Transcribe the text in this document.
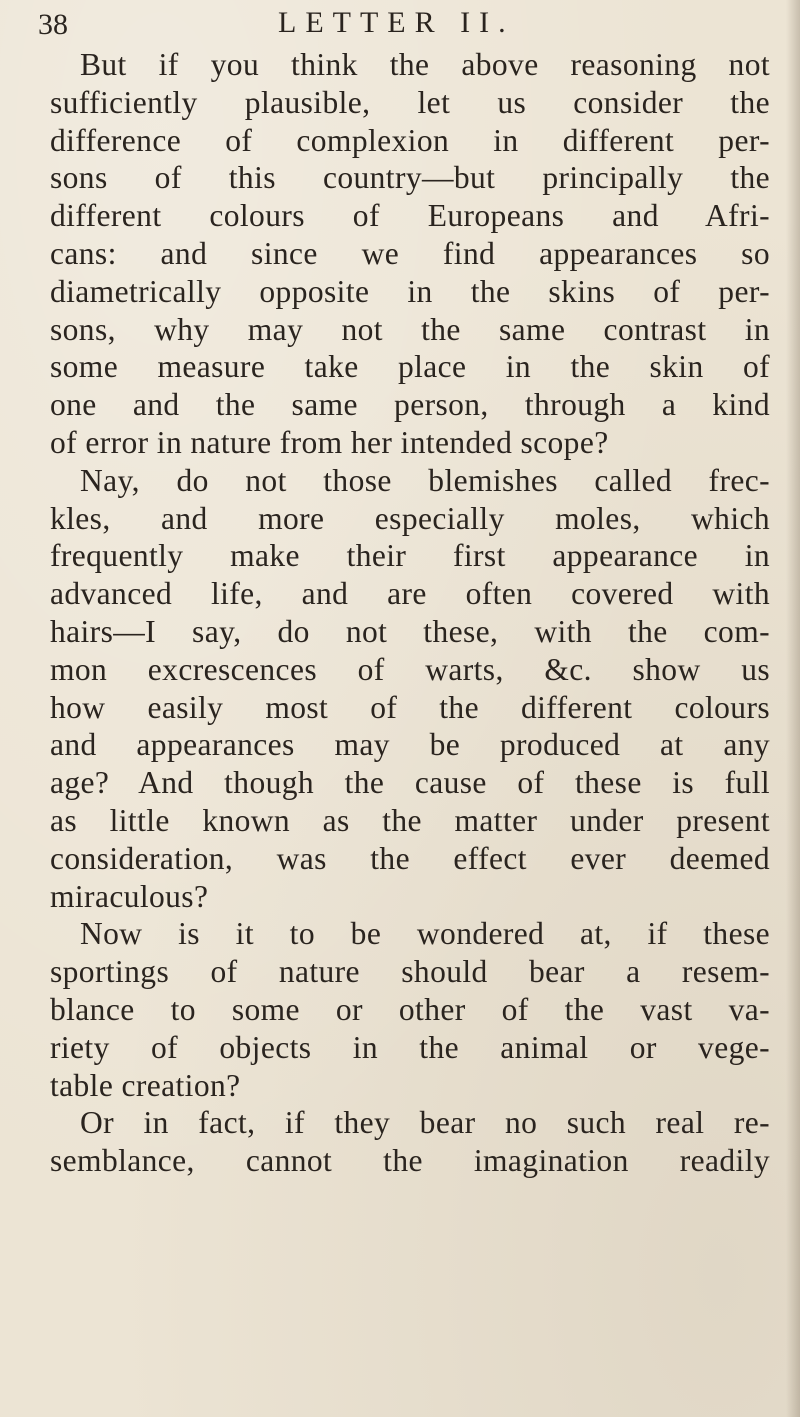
38	LETTER II.
But if you think the above reasoning not
sufficiently plausible, let us consider the
difference of complexion in different per-
sons of this country—but principally the
different colours of Europeans and Afri-
cans: and since we find appearances so
diametrically opposite in the skins of per-
sons, why may not the same contrast in
some measure take place in the skin of
one and the same person, through a kind
of error in nature from her intended scope?
Nay, do not those blemishes called frec-
kles, and more especially moles, which
frequently make their first appearance in
advanced life, and are often covered with
hairs—I say, do not these, with the com-
mon excrescences of warts, &c. show us
how easily most of the different colours
and appearances may be produced at any
age? And though the cause of these is full
as little known as the matter under present
consideration, was the effect ever deemed
miraculous?
Now is it to be wondered at, if these
sportings of nature should bear a resem-
blance to some or other of the vast va-
riety of objects in the animal or vege-
table creation?
Or in fact, if they bear no such real re-
semblance, cannot the imagination readily
